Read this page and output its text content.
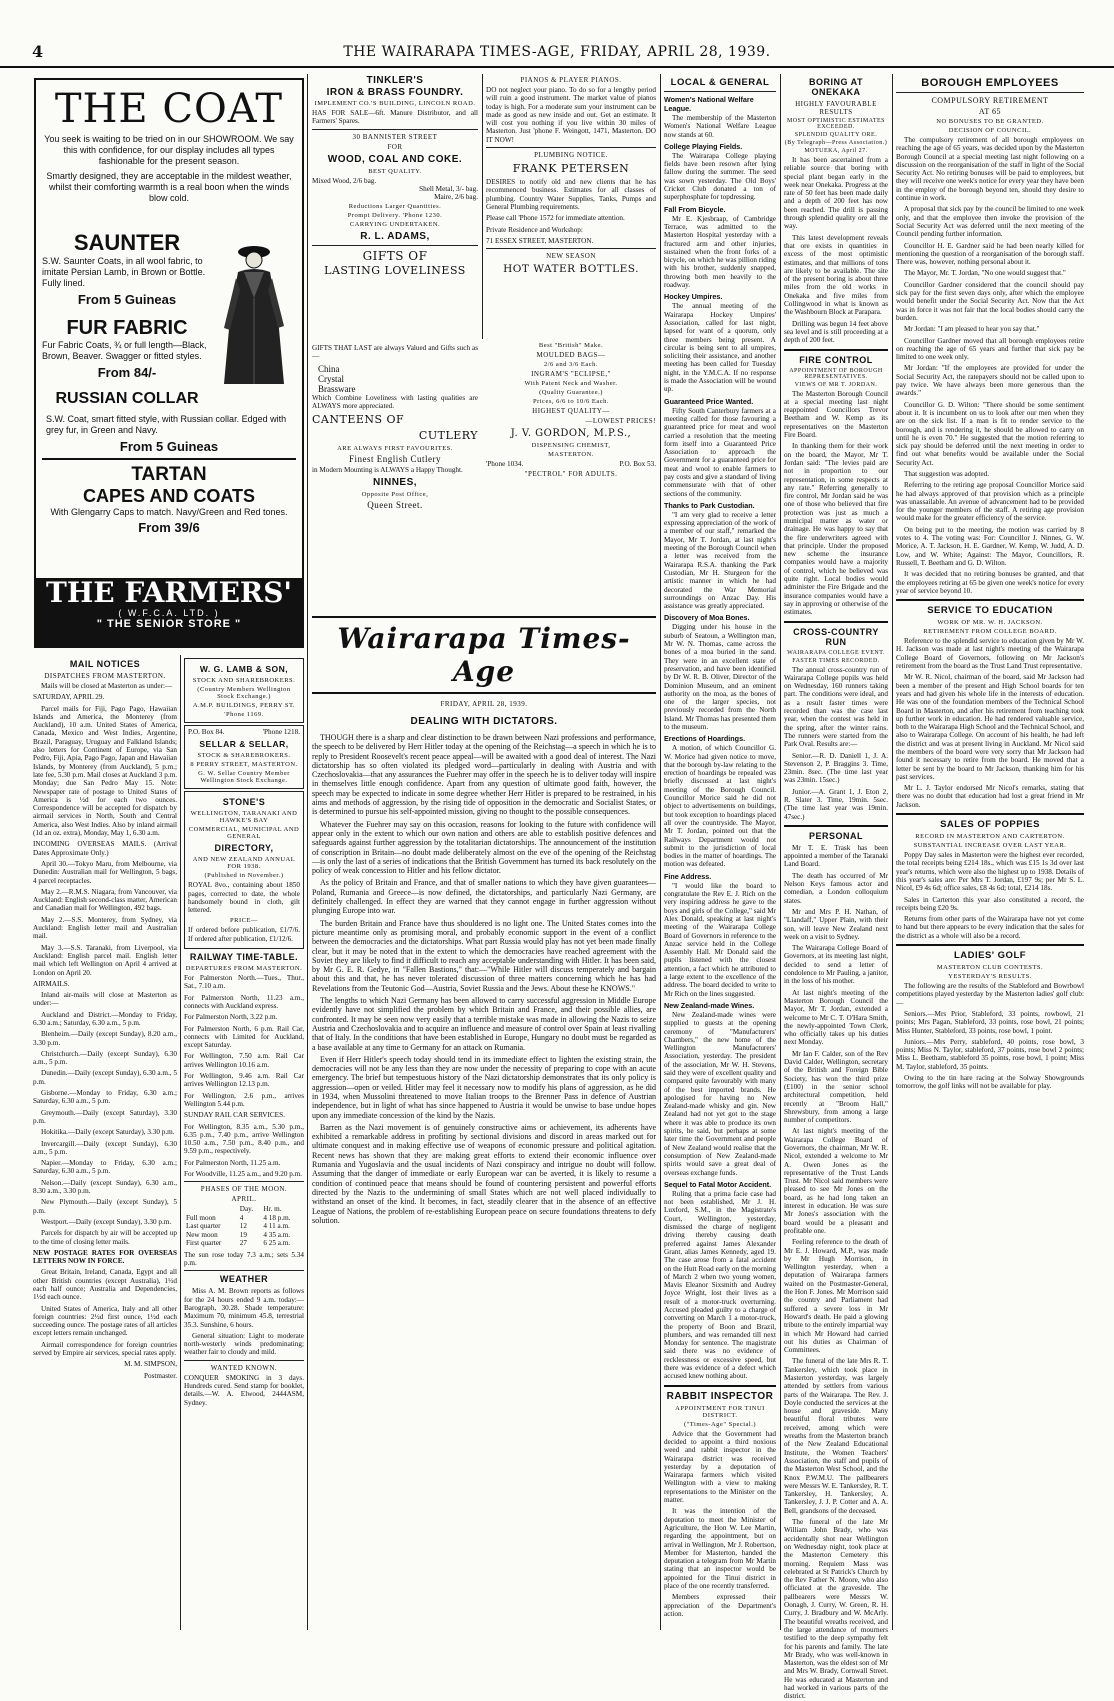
4	THE WAIRARAPA TIMES-AGE, FRIDAY, APRIL 28, 1939.
THE COAT
You seek is waiting to be tried on in our SHOWROOM. We say this with confidence, for our display includes all types fashionable for the present season.
Smartly designed, they are acceptable in the mildest weather, whilst their comforting warmth is a real boon when the winds blow cold.
SAUNTER
S.W. Saunter Coats, in all wool fabric, to imitate Persian Lamb, in Brown or Bottle. Fully lined.
From 5 Guineas
FUR FABRIC
Fur Fabric Coats, ¾ or full length—Black, Brown, Beaver. Swagger or fitted styles.
From 84/-
RUSSIAN COLLAR
S.W. Coat, smart fitted style, with Russian collar. Edged with grey fur, in Green and Navy.
From 5 Guineas
TARTAN
CAPES AND COATS
With Glengarry Caps to match. Navy/Green and Red tones.
From 39/6
THE FARMERS'
( W.F.C.A. LTD. )
" THE SENIOR STORE "
MAIL NOTICES
DISPATCHES FROM MASTERTON.

Mails will be closed at Masterton as under:—

SATURDAY, APRIL 29.

Parcel mails for Fiji, Pago Pago, Hawaiian Islands and America, the Monterey (from Auckland), 10 a.m. United States of America, Canada, Mexico and West Indies, Argentine, Brazil, Paraguay, Uruguay and Falkland Islands; also letters for Continent of Europe, via San Pedro, Fiji, Apia, Pago Pago, Japan and Hawaiian Islands, by Monterey (from Auckland), 5 p.m.; late fee, 5.30 p.m. Mail closes at Auckland 3 p.m. Monday; due San Pedro May 15. Note: Newspaper rate of postage to United States of America is ½d for each two ounces. Correspondence will be accepted for dispatch by airmail services in North, South and Central America, also West Indies. Also by inland airmail (1d an oz. extra), Monday, May 1, 6.30 a.m.

INCOMING OVERSEAS MAILS. (Arrival Dates Approximate Only.)

April 30.—Tokyo Maru, from Melbourne, via Dunedin: Australian mail for Wellington, 5 bags, 4 parcel receptacles.

May 2.—R.M.S. Niagara, from Vancouver, via Auckland: English second-class matter, American and Canadian mail for Wellington, 492 bags.

May 2.—S.S. Monterey, from Sydney, via Auckland: English letter mail and Australian mail.

May 3.—S.S. Taranaki, from Liverpool, via Auckland: English parcel mail. English letter mail which left Wellington on April 4 arrived at London on April 20.

AIRMAILS.

Inland air-mails will close at Masterton as under:—

Auckland and District.—Monday to Friday, 6.30 a.m.; Saturday, 6.30 a.m., 5 p.m.

Blenheim.—Daily (except Sunday), 8.20 a.m., 3.30 p.m.

Christchurch.—Daily (except Sunday), 6.30 a.m., 5 p.m.

Dunedin.—Daily (except Sunday), 6.30 a.m., 5 p.m.

Gisborne.—Monday to Friday, 6.30 a.m.; Saturday, 6.30 a.m., 5 p.m.

Greymouth.—Daily (except Saturday), 3.30 p.m.

Hokitika.—Daily (except Saturday), 3.30 p.m.

Invercargill.—Daily (except Sunday), 6.30 a.m., 5 p.m.

Napier.—Monday to Friday, 6.30 a.m.; Saturday, 6.30 a.m., 5 p.m.

Nelson.—Daily (except Sunday), 6.30 a.m., 8.30 a.m., 3.30 p.m.

New Plymouth.—Daily (except Sunday), 5 p.m.

Westport.—Daily (except Sunday), 3.30 p.m.

Parcels for dispatch by air will be accepted up to the time of closing letter mails.

NEW POSTAGE RATES FOR OVERSEAS LETTERS NOW IN FORCE.

Great Britain, Ireland, Canada, Egypt and all other British countries (except Australia), 1½d each half ounce; Australia and Dependencies, 1½d each ounce.

United States of America, Italy and all other foreign countries: 2½d first ounce, 1½d each succeeding ounce. The postage rates of all articles except letters remain unchanged.

Airmail correspondence for foreign countries served by Empire air services, special rates apply.

M. M. SIMPSON,

Postmaster.

W. G. LAMB & SON,
STOCK AND SHAREBROKERS.
(Country Members Wellington Stock Exchange.)
A.M.P. BUILDINGS, PERRY ST.
'Phone 1169.
P.O. Box 84.	'Phone 1218.
SELLAR & SELLAR,
STOCK & SHAREBROKERS.
8 PERRY STREET, MASTERTON.
G. W. Sellar Country Member Wellington Stock Exchange.
STONE'S
WELLINGTON, TARANAKI AND HAWKE'S BAY
COMMERCIAL, MUNICIPAL AND GENERAL
DIRECTORY,
AND NEW ZEALAND ANNUAL FOR 1938.
(Published in November.)

ROYAL 8vo., containing about 1850 pages, corrected to date, the whole handsomely bound in cloth, gilt lettered.

PRICE—

If ordered before publication, £1/7/6. If ordered after publication, £1/12/6.

RAILWAY TIME-TABLE.
DEPARTURES FROM MASTERTON.

For Palmerston North.—Tues., Thur., Sat., 7.10 a.m.

For Palmerston North, 11.23 a.m., connects with Auckland express.

For Palmerston North, 3.22 p.m.

For Palmerston North, 6 p.m. Rail Car, connects with Limited for Auckland, except Saturday.

For Wellington, 7.50 a.m. Rail Car arrives Wellington 10.16 a.m.

For Wellington, 9.46 a.m. Rail Car arrives Wellington 12.13 p.m.

For Wellington, 2.6 p.m., arrives Wellington 5.44 p.m.

SUNDAY RAIL CAR SERVICES.

For Wellington, 8.35 a.m., 5.30 p.m., 6.35 p.m., 7.40 p.m., arrive Wellington 10.50 a.m., 7.50 p.m., 8.40 p.m., and 9.59 p.m., respectively.

For Palmerston North, 11.25 a.m.

For Woodville, 11.25 a.m., and 9.20 p.m.

PHASES OF THE MOON.
APRIL.
	Day.	Hr. m.
Full moon	4	4 18 p.m.
Last quarter	12	4 11 a.m.
New moon	19	4 35 a.m.
First quarter	27	6 25 a.m.

The sun rose today 7.3 a.m.; sets 5.34 p.m.

WEATHER

Miss A. M. Brown reports as follows for the 24 hours ended 9 a.m. today:—Barograph, 30.28. Shade temperature: Maximum 70, minimum 45.8, terrestrial 35.3. Sunshine, 6 hours.

General situation: Light to moderate north-westerly winds predominating; weather fair to cloudy and mild.

WANTED KNOWN.

CONQUER SMOKING in 3 days. Hundreds cured. Send stamp for booklet, details.—W. A. Elwood, 2444ASM, Sydney.

TINKLER'S
IRON & BRASS FOUNDRY.
IMPLEMENT CO.'S BUILDING, LINCOLN ROAD.

HAS FOR SALE—6ft. Manure Distributor, and all Farmers' Spares.

30 BANNISTER STREET
FOR
WOOD, COAL AND COKE.
BEST QUALITY.

Mixed Wood, 2/6 bag.

Shell Metal, 3/- bag.

Maire, 2/6 bag.

Reductions Larger Quantities.
Prompt Delivery. 'Phone 1230.
CARRYING UNDERTAKEN.
R. L. ADAMS,
GIFTS OF
LASTING LOVELINESS

GIFTS THAT LAST are always Valued and Gifts such as—

China
Crystal
Brassware

Which Combine Loveliness with lasting qualities are ALWAYS more appreciated.

CANTEENS OF
CUTLERY
ARE ALWAYS FIRST FAVOURITES.
Finest English Cutlery

in Modern Mounting is ALWAYS a Happy Thought.

NINNES,
Opposite Post Office,
Queen Street.
PIANOS & PLAYER PIANOS.

DO not neglect your piano. To do so for a lengthy period will ruin a good instrument. The market value of pianos today is high. For a moderate sum your instrument can be made as good as new inside and out. Get an estimate. It will cost you nothing if you live within 30 miles of Masterton. Just 'phone F. Weingott, 1471, Masterton. DO IT NOW!

PLUMBING NOTICE.
FRANK PETERSEN

DESIRES to notify old and new clients that he has recommenced business. Estimates for all classes of plumbing. Country Water Supplies, Tanks, Pumps and General Plumbing requirements.

Please call 'Phone 1572 for immediate attention.

Private Residence and Workshop:

71 ESSEX STREET, MASTERTON.

NEW SEASON
HOT WATER BOTTLES.
Best "British" Make.
MOULDED BAGS—
2/6 and 3/6 Each.
INGRAM'S "ECLIPSE,"
With Patent Neck and Washer.
(Quality Guarantee.)
Prices, 6/6 to 10/6 Each.
HIGHEST QUALITY—
—LOWEST PRICES!
J. V. GORDON, M.P.S.,
DISPENSING CHEMIST,
MASTERTON.
'Phone 1034.	P.O. Box 53.
"PECTROL" FOR ADULTS.
Wairarapa Times-Age
FRIDAY, APRIL 28, 1939.
DEALING WITH DICTATORS.

THOUGH there is a sharp and clear distinction to be drawn between Nazi professions and performance, the speech to be delivered by Herr Hitler today at the opening of the Reichstag—a speech in which he is to reply to President Roosevelt's recent peace appeal—will be awaited with a good deal of interest. The Nazi dictatorship has so often violated its pledged word—particularly in dealing with Austria and with Czechoslovakia—that any assurances the Fuehrer may offer in the speech he is to deliver today will inspire in themselves little enough confidence. Apart from any question of ultimate good faith, however, the speech may be expected to indicate in some degree whether Herr Hitler is prepared to be restrained, in his aims and methods of aggression, by the rising tide of opposition in the democratic and Socialist States, or is determined to pursue his self-appointed mission, giving no thought to the possible consequences.

Whatever the Fuehrer may say on this occasion, reasons for looking to the future with confidence will appear only in the extent to which our own nation and others are able to establish positive defences and safeguards against further aggression by the totalitarian dictatorships. The announcement of the institution of conscription in Britain—no doubt made deliberately almost on the eve of the opening of the Reichstag—is only the last of a series of indications that the British Government has turned its back resolutely on the policy of weak concession to Hitler and his fellow dictator.

As the policy of Britain and France, and that of smaller nations to which they have given guarantees—Poland, Rumania and Greece—is now defined, the dictatorships, and particularly Nazi Germany, are definitely challenged. In effect they are warned that they cannot engage in further aggression without plunging Europe into war.

The burden Britain and France have thus shouldered is no light one. The United States comes into the picture meantime only as promising moral, and probably economic support in the event of a conflict between the democracies and the dictatorships. What part Russia would play has not yet been made finally clear, but it may be noted that in the extent to which the democracies have reached agreement with the Soviet they are likely to find it difficult to reach any acceptable understanding with Hitler. It has been said, by Mr G. E. R. Gedye, in "Fallen Bastions," that:—"While Hitler will discuss temperately and bargain about this and that, he has never tolerated discussion of three matters concerning which he has had Revelations from the Teutonic God—Austria, Soviet Russia and the Jews. About these he KNOWS."

The lengths to which Nazi Germany has been allowed to carry successful aggression in Middle Europe evidently have not simplified the problem by which Britain and France, and their possible allies, are confronted. It may be seen now very easily that a terrible mistake was made in allowing the Nazis to seize Austria and Czechoslovakia and to acquire an influence and measure of control over Spain at least rivalling that of Italy. In the conditions that have been established in Europe, Hungary no doubt must be regarded as a base available at any time to Germany for an attack on Rumania.

Even if Herr Hitler's speech today should tend in its immediate effect to lighten the existing strain, the democracies will not be any less than they are now under the necessity of preparing to cope with an acute emergency. The brief but tempestuous history of the Nazi dictatorship demonstrates that its only policy is aggression—open or veiled. Hitler may feel it necessary now to modify his plans of aggression, as he did in 1934, when Mussolini threatened to move Italian troops to the Brenner Pass in defence of Austrian independence, but in light of what has since happened to Austria it would be unwise to base undue hopes upon any immediate concession of the kind by the Nazis.

Barren as the Nazi movement is of genuinely constructive aims or achievement, its adherents have exhibited a remarkable address in profiting by sectional divisions and discord in areas marked out for ultimate conquest and in making effective use of weapons of economic pressure and political agitation. Recent news has shown that they are making great efforts to extend their economic influence over Rumania and Yugoslavia and the usual incidents of Nazi conspiracy and intrigue no doubt will follow. Assuming that the danger of immediate or early European war can be averted, it is likely to resume a condition of continued peace that means should be found of countering persistent and powerful efforts directed by the Nazis to the undermining of small States which are not well placed individually to withstand an onset of the kind. It becomes, in fact, steadily clearer that in the absence of an effective League of Nations, the problem of re-establishing European peace on secure foundations threatens to defy solution.

LOCAL & GENERAL
Women's National Welfare League.

The membership of the Masterton Women's National Welfare League now stands at 60.

College Playing Fields.

The Wairarapa College playing fields have been resown after lying fallow during the summer. The seed was sown yesterday. The Old Boys' Cricket Club donated a ton of superphosphate for topdressing.

Fall From Bicycle.

Mr E. Kjesbraap, of Cambridge Terrace, was admitted to the Masterton Hospital yesterday with a fractured arm and other injuries, sustained when the front forks of a bicycle, on which he was pillion riding with his brother, suddenly snapped, throwing both men heavily to the roadway.

Hockey Umpires.

The annual meeting of the Wairarapa Hockey Umpires' Association, called for last night, lapsed for want of a quorum, only three members being present. A circular is being sent to all umpires, soliciting their assistance, and another meeting has been called for Tuesday night, in the Y.M.C.A. If no response is made the Association will be wound up.

Guaranteed Price Wanted.

Fifty South Canterbury farmers at a meeting called for those favouring a guaranteed price for meat and wool carried a resolution that the meeting form itself into a Guaranteed Price Association to approach the Government for a guaranteed price for meat and wool to enable farmers to pay costs and give a standard of living commensurate with that of other sections of the community.

Thanks to Park Custodian.

"I am very glad to receive a letter expressing appreciation of the work of a member of our staff," remarked the Mayor, Mr T. Jordan, at last night's meeting of the Borough Council when a letter was received from the Wairarapa R.S.A. thanking the Park Custodian, Mr H. Sturgeon for the artistic manner in which he had decorated the War Memorial surroundings on Anzac Day. His assistance was greatly appreciated.

Discovery of Moa Bones.

Digging under his house in the suburb of Seatoun, a Wellington man, Mr W. N. Thomas, came across the bones of a moa buried in the sand. They were in an excellent state of preservation, and have been identified by Dr W. R. B. Oliver, Director of the Dominion Museum, and an eminent authority on the moa, as the bones of one of the larger species, not previously recorded from the North Island. Mr Thomas has presented them to the museum.

Erections of Hoardings.

A motion, of which Councillor G. W. Morice had given notice to move, that the borough by-law relating to the erection of hoardings be repealed was briefly discussed at last night's meeting of the Borough Council. Councillor Morice said he did not object to advertisements on buildings, but took exception to hoardings placed all over the countryside. The Mayor, Mr T. Jordan, pointed out that the Railways Department would not submit to the jurisdiction of local bodies in the matter of hoardings. The motion was defeated.

Fine Address.

"I would like the board to congratulate the Rev E. J. Rich on the very inspiring address he gave to the boys and girls of the College," said Mr Alex Donald, speaking at last night's meeting of the Wairarapa College Board of Governors in reference to the Anzac service held in the College Assembly Hall. Mr Donald said the pupils listened with the closest attention, a fact which he attributed to a large extent to the excellence of the address. The board decided to write to Mr Rich on the lines suggested.

New Zealand-made Wines.

New Zealand-made wines were supplied to guests at the opening ceremony of "Manufacturers' Chambers," the new home of the Wellington Manufacturers' Association, yesterday. The president of the association, Mr W. H. Stevens, said they were of excellent quality and compared quite favourably with many of the best imported brands. He apologised for having no New Zealand-made whisky and gin. New Zealand had not yet got to the stage where it was able to produce its own spirits, he said, but perhaps at some later time the Government and people of New Zealand would realise that the consumption of New Zealand-made spirits would save a great deal of overseas exchange funds.

Sequel to Fatal Motor Accident.

Ruling that a prima facie case had not been established, Mr J. H. Luxford, S.M., in the Magistrate's Court, Wellington, yesterday, dismissed the charge of negligent driving thereby causing death preferred against James Alexander Grant, alias James Kennedy, aged 19. The case arose from a fatal accident on the Hutt Road early on the morning of March 2 when two young women, Mavis Eleanor Sixsmith and Audrey Joyce Wright, lost their lives as a result of a motor-truck overturning. Accused pleaded guilty to a charge of converting on March 1 a motor-truck, the property of Boon and Brazil, plumbers, and was remanded till next Monday for sentence. The magistrate said there was no evidence of recklessness or excessive speed, but there was evidence of a defect which accused knew nothing about.

RABBIT INSPECTOR
APPOINTMENT FOR TINUI DISTRICT.
("Times-Age" Special.)

Advice that the Government had decided to appoint a third noxious weed and rabbit inspector in the Wairarapa district was received yesterday by a deputation of Wairarapa farmers which visited Wellington with a view to making representations to the Minister on the matter.

It was the intention of the deputation to meet the Minister of Agriculture, the Hon W. Lee Martin, regarding the appointment, but on arrival in Wellington, Mr J. Robertson, Member for Masterton, handed the deputation a telegram from Mr Martin stating that an inspector would be appointed for the Tinui district in place of the one recently transferred.

Members expressed their appreciation of the Department's action.

BOROUGH EMPLOYEES
COMPULSORY RETIREMENT
AT 65
NO BONUSES TO BE GRANTED.
DECISION OF COUNCIL.

The compulsory retirement of all borough employees on reaching the age of 65 years, was decided upon by the Masterton Borough Council at a special meeting last night following on a discussion on the reorganisation of the staff in light of the Social Security Act. No retiring bonuses will be paid to employees, but they will receive one week's notice for every year they have been in the employ of the borough beyond ten, should they desire to continue in work.

A proposal that sick pay by the council be limited to one week only, and that the employee then invoke the provision of the Social Security Act was deferred until the next meeting of the Council pending further information.

Councillor H. E. Gardner said he had been nearly killed for mentioning the question of a reorganisation of the borough staff. There was, however, nothing personal about it.

The Mayor, Mr. T. Jordan, "No one would suggest that."

Councillor Gardner considered that the council should pay sick pay for the first seven days only, after which the employee would benefit under the Social Security Act. Now that the Act was in force it was not fair that the local bodies should carry the burden.

Mr Jordan: "I am pleased to hear you say that."

Councillor Gardner moved that all borough employees retire on reaching the age of 65 years and further that sick pay be limited to one week only.

Mr Jordan: "If the employees are provided for under the Social Security Act, the ratepayers should not be called upon to pay twice. We have always been more generous than the awards."

Councillor G. D. Wilton: "There should be some sentiment about it. It is incumbent on us to look after our men when they are on the sick list. If a man is fit to render service to the borough, and is rendering it, he should be allowed to carry on until he is even 70." He suggested that the motion referring to sick pay should be deferred until the next meeting in order to find out what benefits would be available under the Social Security Act.

That suggestion was adopted.

Referring to the retiring age proposal Councillor Morice said he had always approved of that provision which as a principle was unassailable. An avenue of advancement had to be provided for the younger members of the staff. A retiring age provision would make for the greater efficiency of the service.

On being put to the meeting, the motion was carried by 8 votes to 4. The voting was: For: Councillor J. Ninnes, G. W. Morice, A. T. Jackson, H. E. Gardner, W. Kemp, W. Judd, A. D. Low, and W. White; Against: The Mayor, Councillors, R. Russell, T. Beetham and G. D. Wilton.

It was decided that no retiring bonuses be granted, and that the employees retiring at 65 be given one week's notice for every year of service beyond 10.

SERVICE TO EDUCATION
WORK OF MR. W. H. JACKSON.
RETIREMENT FROM COLLEGE BOARD.

Reference to the splendid service to education given by Mr W. H. Jackson was made at last night's meeting of the Wairarapa College Board of Governors, following on Mr Jackson's retirement from the board as the Trust Land Trust representative.

Mr W. R. Nicol, chairman of the board, said Mr Jackson had been a member of the present and High School boards for ten years and had given his whole life in the interests of education. He was one of the foundation members of the Technical School Board in Masterton, and after his retirement from teaching took up further work in education. He had rendered valuable service, both to the Wairarapa High School and the Technical School, and also to Wairarapa College. On account of his health, he had left the district and was at present living in Auckland. Mr Nicol said the members of the board were very sorry that Mr Jackson had found it necessary to retire from the board. He moved that a letter be sent by the board to Mr Jackson, thanking him for his past services.

Mr L. J. Taylor endorsed Mr Nicol's remarks, stating that there was no doubt that education had lost a great friend in Mr Jackson.

SALES OF POPPIES
RECORD IN MASTERTON AND CARTERTON.
SUBSTANTIAL INCREASE OVER LAST YEAR.

Poppy Day sales in Masterton were the highest ever recorded, the total receipts being £214 18s., which was £15 1s 3d over last year's returns, which were also the highest up to 1938. Details of this year's sales are: Per Mrs T. Jordan, £197 9s; per Mr S. L. Nicol, £9 4s 6d; office sales, £8 4s 6d; total, £214 18s.

Sales in Carterton this year also constituted a record, the receipts being £20 9s.

Returns from other parts of the Wairarapa have not yet come to hand but there appears to be every indication that the sales for the district as a whole will also be a record.

LADIES' GOLF
MASTERTON CLUB CONTESTS.
YESTERDAY'S RESULTS.

The following are the results of the Stableford and Bowrbowl competitions played yesterday by the Masterton ladies' golf club:—

Seniors.—Mrs Prior, Stableford, 33 points, rowbowl, 21 points; Mrs Pagan, Stableford, 33 points, rose bowl, 21 points; Miss Hunter, Stableford, 33 points, rose bowl, 1 point.

Juniors.—Mrs Perry, stableford, 40 points, rose bowl, 3 points; Miss N. Taylor, stableford, 37 points, rose bowl 2 points; Miss L. Beetham, stableford 35 points, rose bowl, 1 point; Miss M. Taylor, stableford, 35 points.

Owing to the tin hare racing at the Solway Showgrounds tomorrow, the golf links will not be available for play.

BORING AT ONEKAKA
HIGHLY FAVOURABLE RESULTS
MOST OPTIMISTIC ESTIMATES EXCEEDED.
SPLENDID QUALITY ORE.
(By Telegraph—Press Association.)
MOTUEKA, April 27.

It has been ascertained from a reliable source that boring with special plant began early in the week near Onekaka. Progress at the rate of 50 feet has been made daily and a depth of 200 feet has now been reached. The drill is passing through splendid quality ore all the way.

This latest development reveals that ore exists in quantities in excess of the most optimistic estimates, and that millions of tons are likely to be available. The site of the present boring is about three miles from the old works in Onekaka and five miles from Collingwood in what is known as the Washbourn Block at Parapara.

Drilling was begun 14 feet above sea level and is still proceeding at a depth of 200 feet.

FIRE CONTROL
APPOINTMENT OF BOROUGH REPRESENTATIVES.
VIEWS OF MR T. JORDAN.

The Masterton Borough Council at a special meeting last night reappointed Councillors Trevor Beetham and W. Kemp as its representatives on the Masterton Fire Board.

In thanking them for their work on the board, the Mayor, Mr T. Jordan said: "The levies paid are not in proportion to our representation, in some respects at any rate." Referring generally to fire control, Mr Jordan said he was one of those who believed that fire protection was just as much a municipal matter as water or drainage. He was happy to say that the fire underwriters agreed with that principle. Under the proposed new scheme the insurance companies would have a majority of control, which he believed was quite right. Local bodies would administer the Fire Brigade and the insurance companies would have a say in approving or otherwise of the estimates.

CROSS-COUNTRY RUN
WAIRARAPA COLLEGE EVENT.
FASTER TIMES RECORDED.

The annual cross-country run of Wairarapa College pupils was held on Wednesday, 160 runners taking part. The conditions were ideal, and as a result faster times were recorded than was the case last year, when the contest was held in the spring, after the winter rains. The runners were started from the Park Oval. Results are:—

Senior.—R. D. Daniell 1, J. A. Stevenson 2, P. Braggins 3. Time, 23min. 8sec. (The time last year was 23min. 15sec.)

Junior.—A. Grant 1, J. Eton 2, R. Slater 3. Time, 19min. 5sec. (The time last year was 19min. 47sec.)

PERSONAL

Mr T. E. Trask has been appointed a member of the Taranaki Land Board.

The death has occurred of Mr Nelson Keys famous actor and comedian, a London colloquium states.

Mr and Mrs P. H. Nathan, of "Llandaff," Upper Plain, with their son, will leave New Zealand next week on a visit to Sydney.

The Wairarapa College Board of Governors, at its meeting last night, decided to send a letter of condolence to Mr Pauling, a janitor, in the loss of his mother.

At last night's meeting of the Masterton Borough Council the Mayor, Mr T. Jordan, extended a welcome to Mr C. T. O'Hara Smith, the newly-appointed Town Clerk, who officially takes up his duties next Monday.

Mr Ian F. Calder, son of the Rev David Calder, Wellington, secretary of the British and Foreign Bible Society, has won the third prize (£100) in the senior school architectural competition, held recently at "Broom Hall," Shrewsbury, from among a large number of competitors.

At last night's meeting of the Wairarapa College Board of Governors, the chairman, Mr W. R. Nicol, extended a welcome to Mr A. Owen Jones as the representative of the Trust Lands Trust. Mr Nicol said members were pleased to see Mr Jones on the board, as he had long taken an interest in education. He was sure Mr Jones's association with the board would be a pleasant and profitable one.

Feeling reference to the death of Mr E. J. Howard, M.P., was made by Mr Hugh Morrison, in Wellington yesterday, when a deputation of Wairarapa farmers waited on the Postmaster-General, the Hon F. Jones. Mr Morrison said the country and Parliament had suffered a severe loss in Mr Howard's death. He paid a glowing tribute to the entirely impartial way in which Mr Howard had carried out his duties as Chairman of Committees.

The funeral of the late Mrs R. T. Tankersley, which took place in Masterton yesterday, was largely attended by settlers from various parts of the Wairarapa. The Rev. J. Doyle conducted the services at the house and graveside. Many beautiful floral tributes were received, among which were wreaths from the Masterton branch of the New Zealand Educational Institute, the Women Teachers' Association, the staff and pupils of the Masterton West School, and the Knox P.W.M.U. The pallbearers were Messrs W. E. Tankersley, R. T. Tankersley, H. Tankersley, A. Tankersley, J. J. P. Cotter and A. A. Bell, grandsons of the deceased.

The funeral of the late Mr William John Brady, who was accidentally shot near Wellington on Wednesday night, took place at the Masterton Cemetery this morning. Requiem Mass was celebrated at St Patrick's Church by the Rev Father N. Moore, who also officiated at the graveside. The pallbearers were Messrs W. Oonagh, J. Curry, W. Green, R. H. Curry, J. Bradbury and W. McArly. The beautiful wreaths received, and the large attendance of mourners testified to the deep sympathy felt for his parents and family. The late Mr Brady, who was well-known in Masterton, was the eldest son of Mr and Mrs W. Brady, Cornwall Street. He was educated at Masterton and had worked in various parts of the district.
